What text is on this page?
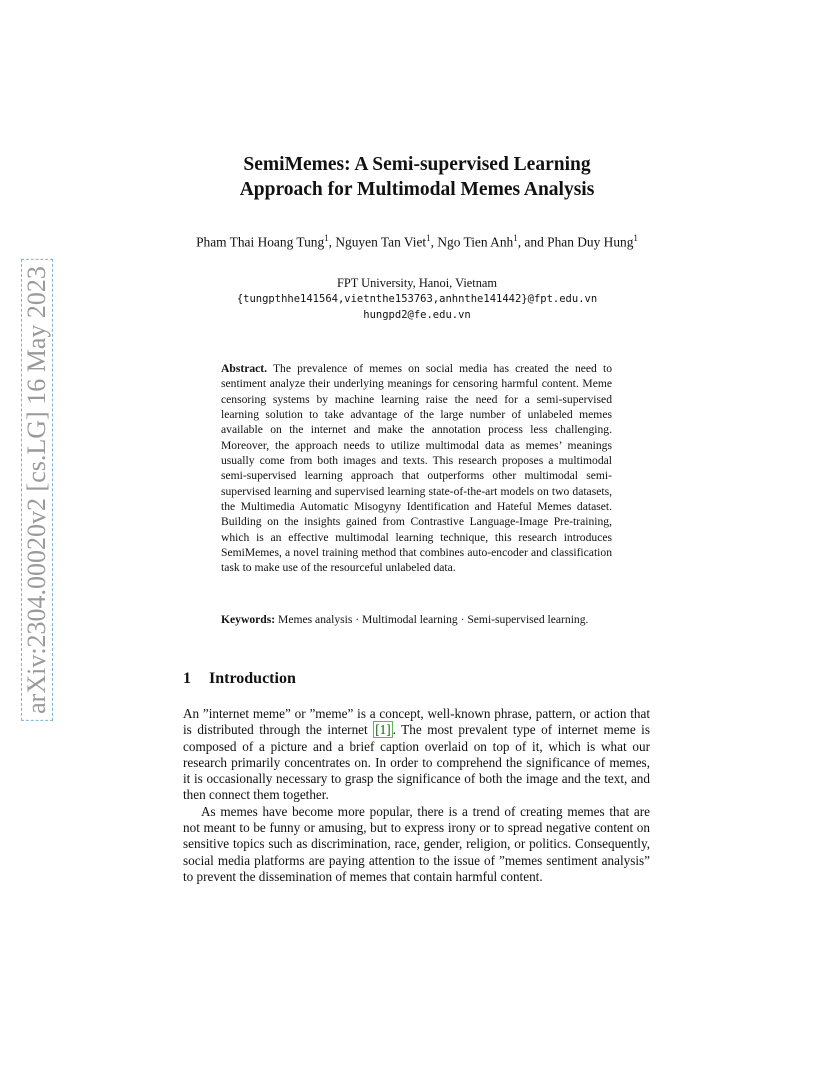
arXiv:2304.00020v2 [cs.LG] 16 May 2023
SemiMemes: A Semi-supervised Learning
Approach for Multimodal Memes Analysis
Pham Thai Hoang Tung$^1$, Nguyen Tan Viet$^1$, Ngo Tien Anh$^1$, and Phan Duy Hung$^1$
FPT University, Hanoi, Vietnam
{tungpthhe141564,vietnthe153763,anhnthe141442}@fpt.edu.vn
hungpd2@fe.edu.vn
Abstract. The prevalence of memes on social media has created the need to sentiment analyze their underlying meanings for censoring harmful content. Meme censoring systems by machine learning raise the need for a semi-supervised learning solution to take advantage of the large number of unlabeled memes available on the internet and make the annotation process less challenging. Moreover, the approach needs to utilize multimodal data as memes’ meanings usually come from both images and texts. This research proposes a multimodal semi-supervised learning approach that outperforms other multimodal semi-supervised learning and supervised learning state-of-the-art models on two datasets, the Multimedia Automatic Misogyny Identification and Hateful Memes dataset. Building on the insights gained from Contrastive Language-Image Pre-training, which is an effective multimodal learning technique, this research introduces SemiMemes, a novel training method that combines auto-encoder and classification task to make use of the resourceful unlabeled data.
Keywords: Memes analysis · Multimodal learning · Semi-supervised learning.
1 Introduction

An ”internet meme” or ”meme” is a concept, well-known phrase, pattern, or action that is distributed through the internet [1] . The most prevalent type of internet meme is composed of a picture and a brief caption overlaid on top of it, which is what our research primarily concentrates on. In order to comprehend the significance of memes, it is occasionally necessary to grasp the significance of both the image and the text, and then connect them together.

As memes have become more popular, there is a trend of creating memes that are not meant to be funny or amusing, but to express irony or to spread negative content on sensitive topics such as discrimination, race, gender, religion, or politics. Consequently, social media platforms are paying attention to the issue of ”memes sentiment analysis” to prevent the dissemination of memes that contain harmful content.
